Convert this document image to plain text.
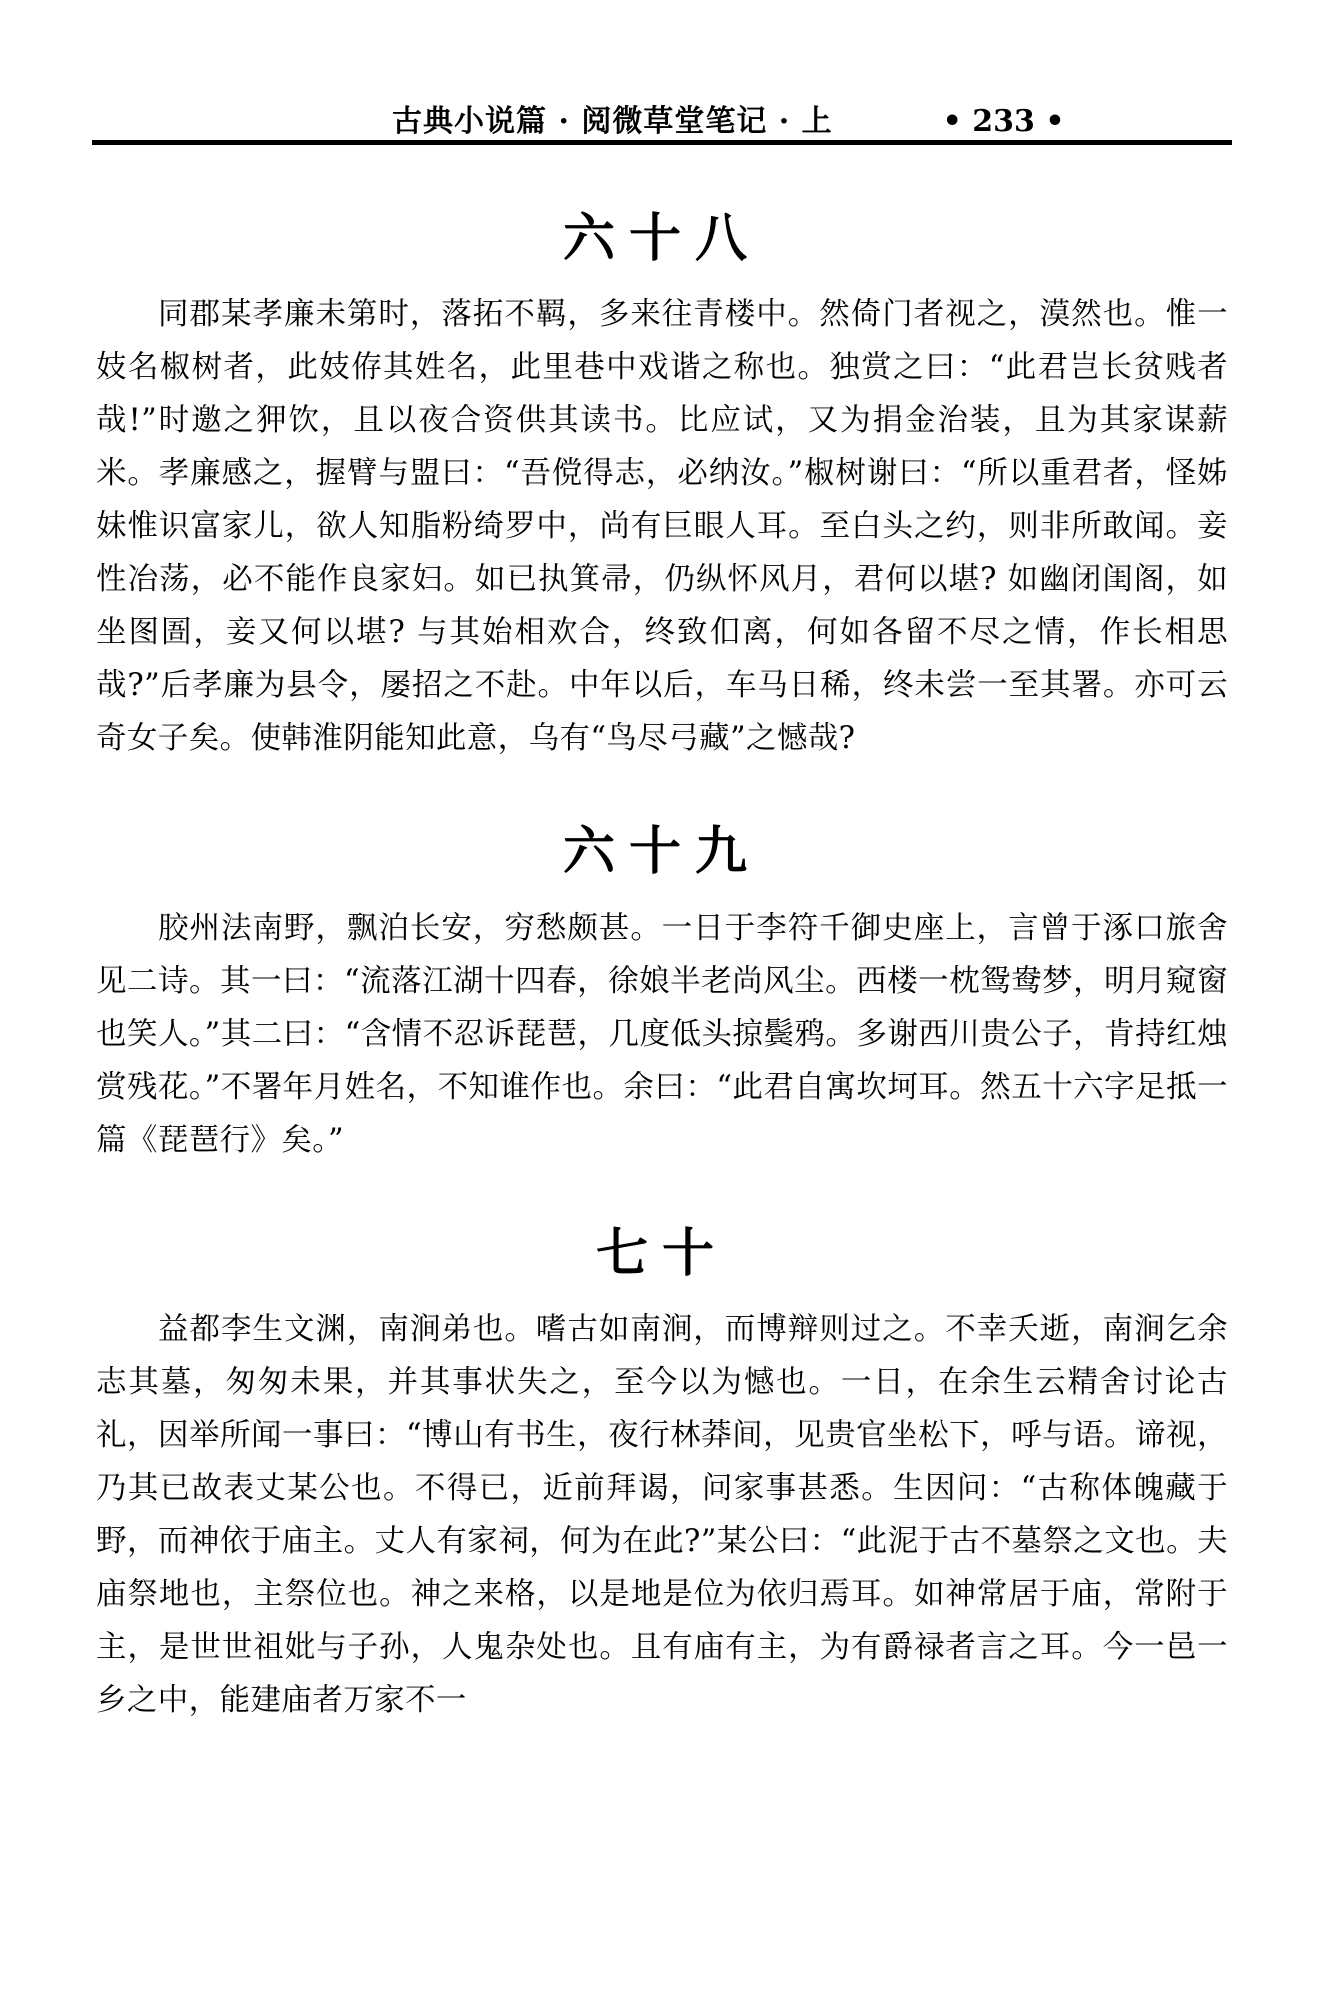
古典小说篇 · 阅微草堂笔记 · 上	• 233 •
六十八

同郡某孝廉未第时，落拓不羁，多来往青楼中。然倚门者视之，漠然也。惟一妓名椒树者，此妓侟其姓名，此里巷中戏谐之称也。独赏之曰：“此君岂长贫贱者哉!”时邀之狎饮，且以夜合资供其读书。比应试，又为捐金治装，且为其家谋薪米。孝廉感之，握臂与盟曰：“吾傥得志，必纳汝。”椒树谢曰：“所以重君者，怪姊妹惟识富家儿，欲人知脂粉绮罗中，尚有巨眼人耳。至白头之约，则非所敢闻。妾性冶荡，必不能作良家妇。如已执箕帚，仍纵怀风月，君何以堪? 如幽闭闺阁，如坐图圄，妾又何以堪? 与其始相欢合，终致㐰离，何如各留不尽之情，作长相思哉?”后孝廉为县令，屡招之不赴。中年以后，车马日稀，终未尝一至其署。亦可云奇女子矣。使韩淮阴能知此意，乌有“鸟尽弓藏”之憾哉?

六十九

胶州法南野，飘泊长安，穷愁颇甚。一日于李符千御史座上，言曾于涿口旅舍见二诗。其一曰：“流落江湖十四春，徐娘半老尚风尘。西楼一枕鸳鸯梦，明月窥窗也笑人。”其二曰：“含情不忍诉琵琶，几度低头掠鬓鸦。多谢西川贵公子，肯持红烛赏残花。”不署年月姓名，不知谁作也。余曰：“此君自寓坎坷耳。然五十六字足抵一篇《琵琶行》矣。”

七十

益都李生文渊，南涧弟也。嗜古如南涧，而博辩则过之。不幸夭逝，南涧乞余志其墓，匆匆未果，并其事状失之，至今以为憾也。一日，在余生云精舍讨论古礼，因举所闻一事曰：“博山有书生，夜行林莽间，见贵官坐松下，呼与语。谛视，乃其已故表丈某公也。不得已，近前拜谒，问家事甚悉。生因问：“古称体魄藏于野，而神依于庙主。丈人有家祠，何为在此?”某公曰：“此泥于古不墓祭之文也。夫庙祭地也，主祭位也。神之来格，以是地是位为依归焉耳。如神常居于庙，常附于主，是世世祖妣与子孙，人鬼杂处也。且有庙有主，为有爵禄者言之耳。今一邑一乡之中，能建庙者万家不一
